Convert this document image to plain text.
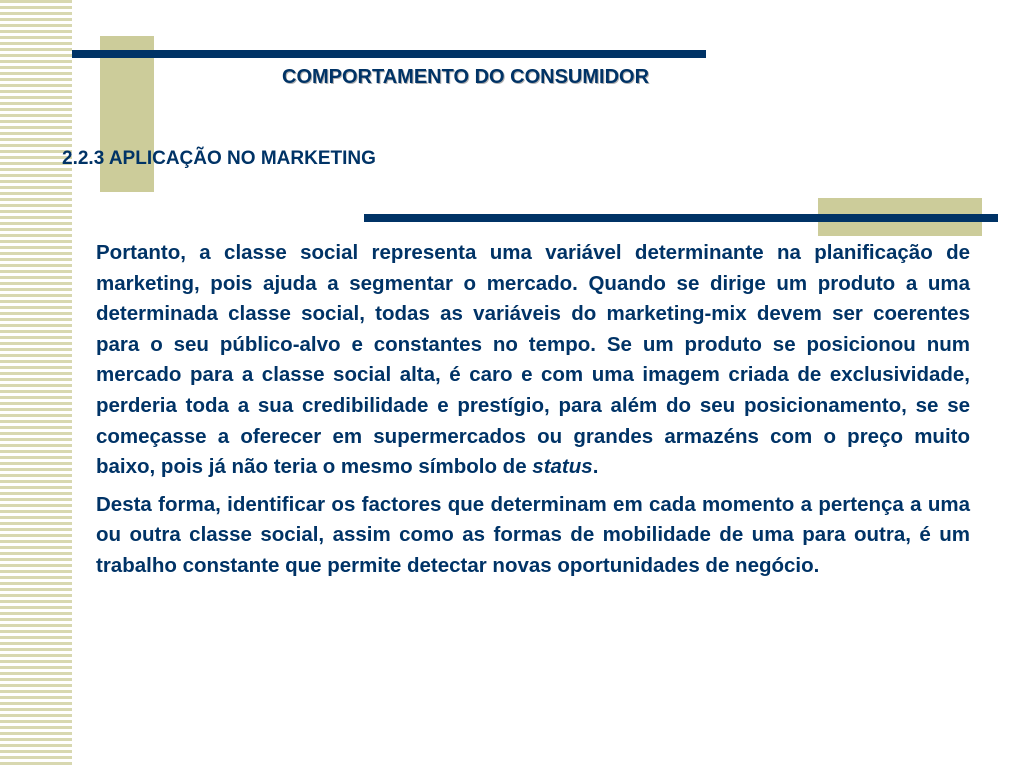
COMPORTAMENTO DO CONSUMIDOR
2.2.3 APLICAÇÃO NO MARKETING

Portanto, a classe social representa uma variável determinante na planificação de marketing, pois ajuda a segmentar o mercado. Quando se dirige um produto a uma determinada classe social, todas as variáveis do marketing-mix devem ser coerentes para o seu público-alvo e constantes no tempo. Se um produto se posicionou num mercado para a classe social alta, é caro e com uma imagem criada de exclusividade, perderia toda a sua credibilidade e prestígio, para além do seu posicionamento, se se começasse a oferecer em supermercados ou grandes armazéns com o preço muito baixo, pois já não teria o mesmo símbolo de status.

Desta forma, identificar os factores que determinam em cada momento a pertença a uma ou outra classe social, assim como as formas de mobilidade de uma para outra, é um trabalho constante que permite detectar novas oportunidades de negócio.
